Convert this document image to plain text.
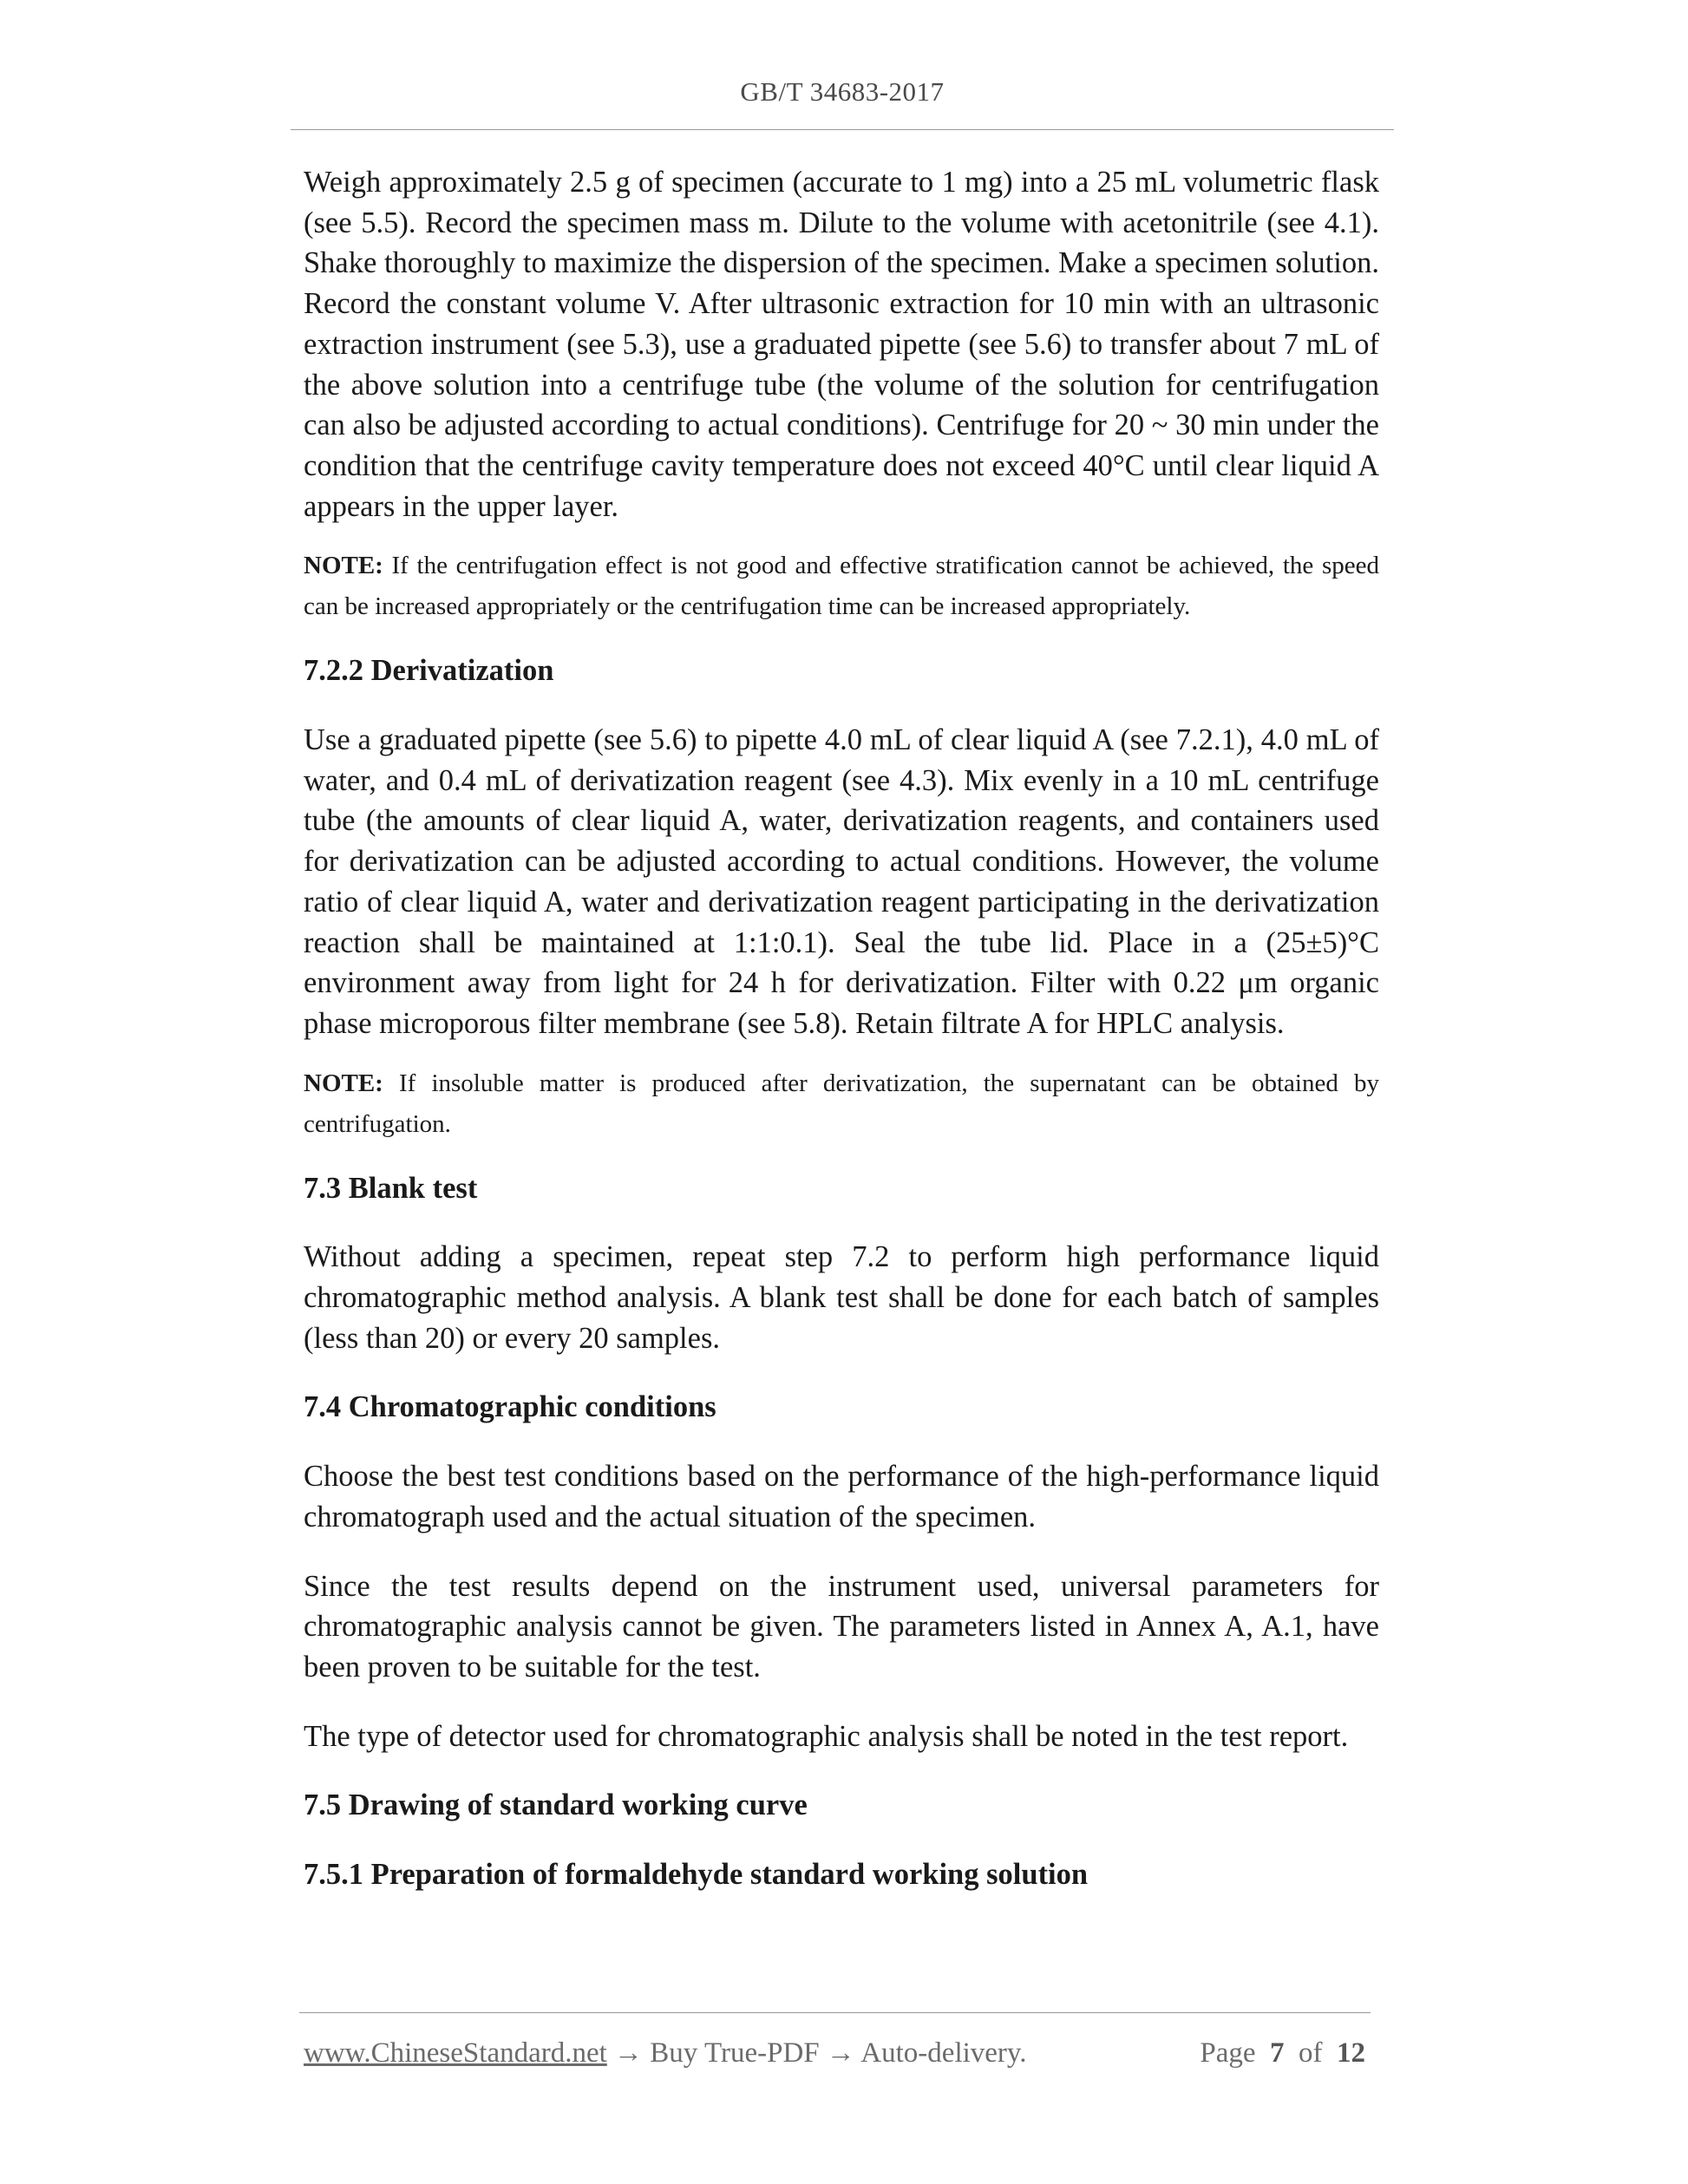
GB/T 34683-2017

Weigh approximately 2.5 g of specimen (accurate to 1 mg) into a 25 mL volumetric flask (see 5.5). Record the specimen mass m. Dilute to the volume with acetonitrile (see 4.1). Shake thoroughly to maximize the dispersion of the specimen. Make a specimen solution. Record the constant volume V. After ultrasonic extraction for 10 min with an ultrasonic extraction instrument (see 5.3), use a graduated pipette (see 5.6) to transfer about 7 mL of the above solution into a centrifuge tube (the volume of the solution for centrifugation can also be adjusted according to actual conditions). Centrifuge for 20 ~ 30 min under the condition that the centrifuge cavity temperature does not exceed 40°C until clear liquid A appears in the upper layer.

NOTE: If the centrifugation effect is not good and effective stratification cannot be achieved, the speed can be increased appropriately or the centrifugation time can be increased appropriately.

7.2.2 Derivatization

Use a graduated pipette (see 5.6) to pipette 4.0 mL of clear liquid A (see 7.2.1), 4.0 mL of water, and 0.4 mL of derivatization reagent (see 4.3). Mix evenly in a 10 mL centrifuge tube (the amounts of clear liquid A, water, derivatization reagents, and containers used for derivatization can be adjusted according to actual conditions. However, the volume ratio of clear liquid A, water and derivatization reagent participating in the derivatization reaction shall be maintained at 1:1:0.1). Seal the tube lid. Place in a (25±5)°C environment away from light for 24 h for derivatization. Filter with 0.22 μm organic phase microporous filter membrane (see 5.8). Retain filtrate A for HPLC analysis.

NOTE: If insoluble matter is produced after derivatization, the supernatant can be obtained by centrifugation.

7.3 Blank test

Without adding a specimen, repeat step 7.2 to perform high performance liquid chromatographic method analysis. A blank test shall be done for each batch of samples (less than 20) or every 20 samples.

7.4 Chromatographic conditions

Choose the best test conditions based on the performance of the high-performance liquid chromatograph used and the actual situation of the specimen.

Since the test results depend on the instrument used, universal parameters for chromatographic analysis cannot be given. The parameters listed in Annex A, A.1, have been proven to be suitable for the test.

The type of detector used for chromatographic analysis shall be noted in the test report.

7.5 Drawing of standard working curve
7.5.1 Preparation of formaldehyde standard working solution
www.ChineseStandard.net → Buy True-PDF → Auto-delivery.	Page 7 of 12
